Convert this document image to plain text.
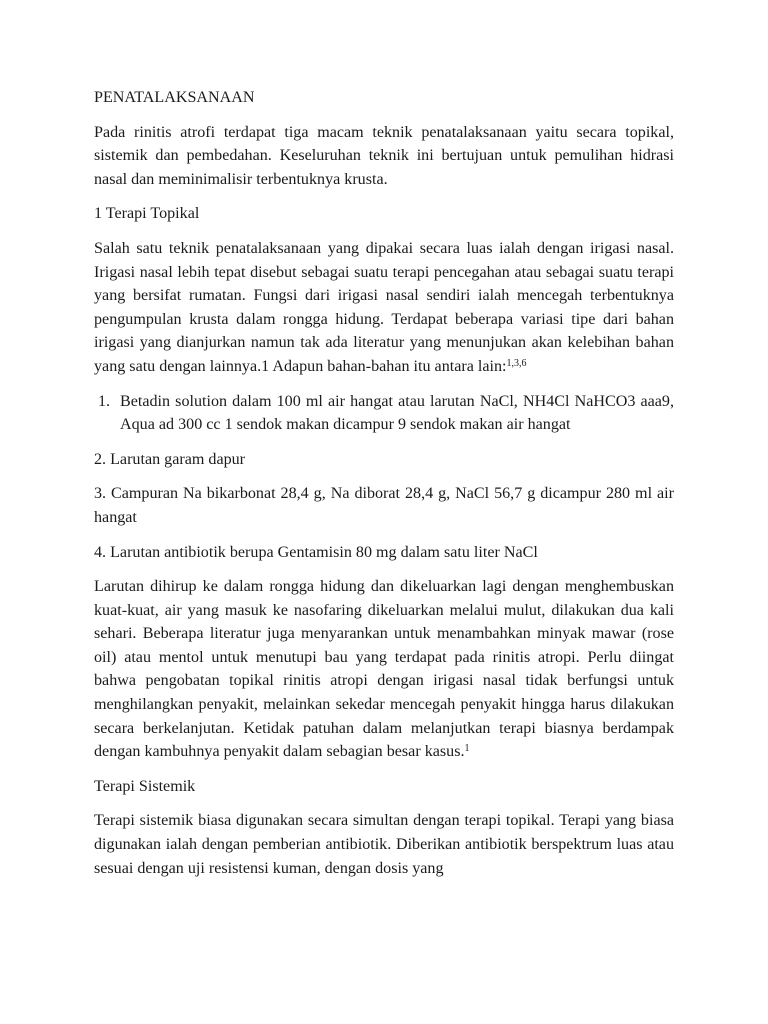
PENATALAKSANAAN

Pada rinitis atrofi terdapat tiga macam teknik penatalaksanaan yaitu secara topikal, sistemik dan pembedahan. Keseluruhan teknik ini bertujuan untuk pemulihan hidrasi nasal dan meminimalisir terbentuknya krusta.

1 Terapi Topikal

Salah satu teknik penatalaksanaan yang dipakai secara luas ialah dengan irigasi nasal. Irigasi nasal lebih tepat disebut sebagai suatu terapi pencegahan atau sebagai suatu terapi yang bersifat rumatan. Fungsi dari irigasi nasal sendiri ialah mencegah terbentuknya pengumpulan krusta dalam rongga hidung. Terdapat beberapa variasi tipe dari bahan irigasi yang dianjurkan namun tak ada literatur yang menunjukan akan kelebihan bahan yang satu dengan lainnya.1 Adapun bahan-bahan itu antara lain:$^{1,3,6}$

1. Betadin solution dalam 100 ml air hangat atau larutan NaCl, NH4Cl NaHCO3 aaa9, Aqua ad 300 cc 1 sendok makan dicampur 9 sendok makan air hangat

2. Larutan garam dapur

3. Campuran Na bikarbonat 28,4 g, Na diborat 28,4 g, NaCl 56,7 g dicampur 280 ml air hangat

4. Larutan antibiotik berupa Gentamisin 80 mg dalam satu liter NaCl

Larutan dihirup ke dalam rongga hidung dan dikeluarkan lagi dengan menghembuskan kuat-kuat, air yang masuk ke nasofaring dikeluarkan melalui mulut, dilakukan dua kali sehari. Beberapa literatur juga menyarankan untuk menambahkan minyak mawar (rose oil) atau mentol untuk menutupi bau yang terdapat pada rinitis atropi. Perlu diingat bahwa pengobatan topikal rinitis atropi dengan irigasi nasal tidak berfungsi untuk menghilangkan penyakit, melainkan sekedar mencegah penyakit hingga harus dilakukan secara berkelanjutan. Ketidak patuhan dalam melanjutkan terapi biasnya berdampak dengan kambuhnya penyakit dalam sebagian besar kasus.$^1$

Terapi Sistemik

Terapi sistemik biasa digunakan secara simultan dengan terapi topikal. Terapi yang biasa digunakan ialah dengan pemberian antibiotik. Diberikan antibiotik berspektrum luas atau sesuai dengan uji resistensi kuman, dengan dosis yang
